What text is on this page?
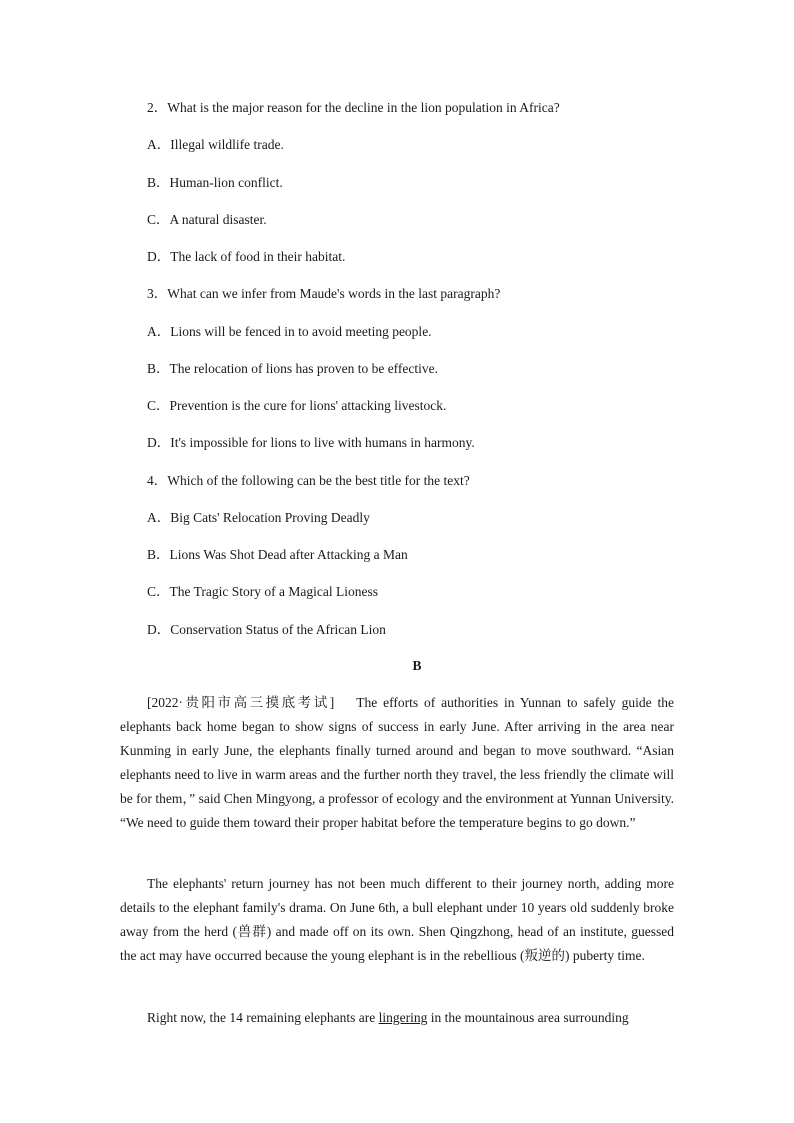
2．What is the major reason for the decline in the lion population in Africa?
A．Illegal wildlife trade.
B．Human-lion conflict.
C．A natural disaster.
D．The lack of food in their habitat.
3．What can we infer from Maude's words in the last paragraph?
A．Lions will be fenced in to avoid meeting people.
B．The relocation of lions has proven to be effective.
C．Prevention is the cure for lions' attacking livestock.
D．It's impossible for lions to live with humans in harmony.
4．Which of the following can be the best title for the text?
A．Big Cats' Relocation Proving Deadly
B．Lions Was Shot Dead after Attacking a Man
C．The Tragic Story of a Magical Lioness
D．Conservation Status of the African Lion
B
[2022·贵阳市高三摸底考试] The efforts of authorities in Yunnan to safely guide the elephants back home began to show signs of success in early June. After arriving in the area near Kunming in early June, the elephants finally turned around and began to move southward. “Asian elephants need to live in warm areas and the further north they travel, the less friendly the climate will be for them，” said Chen Mingyong, a professor of ecology and the environment at Yunnan University. “We need to guide them toward their proper habitat before the temperature begins to go down.”
The elephants' return journey has not been much different to their journey north, adding more details to the elephant family's drama. On June 6th, a bull elephant under 10 years old suddenly broke away from the herd (兽群) and made off on its own. Shen Qingzhong, head of an institute, guessed the act may have occurred because the young elephant is in the rebellious (叛逆的) puberty time.
Right now, the 14 remaining elephants are lingering in the mountainous area surrounding
